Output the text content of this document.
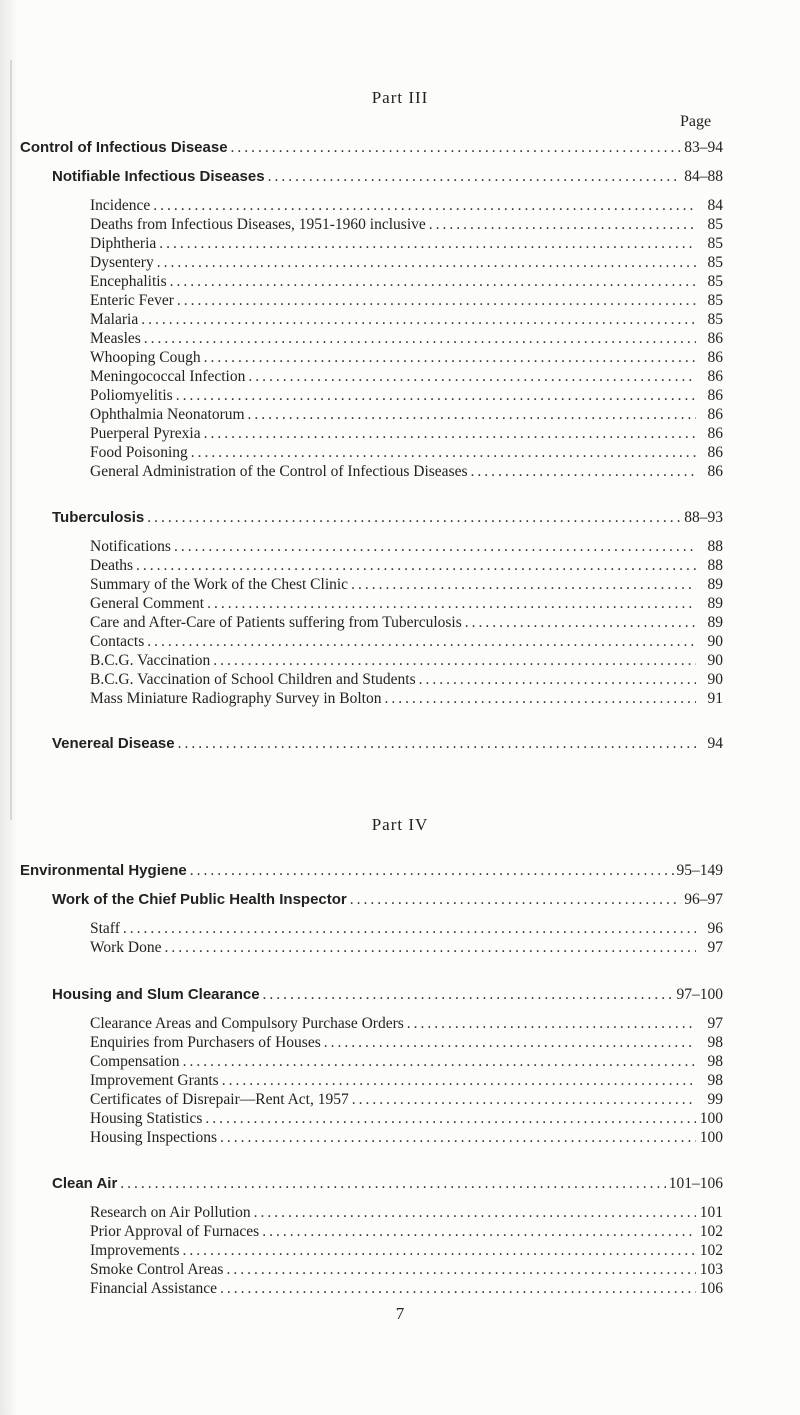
Part III
Page
Control of Infectious Disease .....	83–94
Notifiable Infectious Diseases .....	84–88
Incidence .....	84
Deaths from Infectious Diseases, 1951-1960 inclusive .....	85
Diphtheria .....	85
Dysentery .....	85
Encephalitis .....	85
Enteric Fever .....	85
Malaria .....	85
Measles .....	86
Whooping Cough .....	86
Meningococcal Infection .....	86
Poliomyelitis .....	86
Ophthalmia Neonatorum .....	86
Puerperal Pyrexia .....	86
Food Poisoning .....	86
General Administration of the Control of Infectious Diseases .....	86
Tuberculosis .....	88–93
Notifications .....	88
Deaths .....	88
Summary of the Work of the Chest Clinic .....	89
General Comment .....	89
Care and After-Care of Patients suffering from Tuberculosis .....	89
Contacts .....	90
B.C.G. Vaccination .....	90
B.C.G. Vaccination of School Children and Students .....	90
Mass Miniature Radiography Survey in Bolton .....	91
Venereal Disease .....	94
Part IV
Environmental Hygiene .....	95–149
Work of the Chief Public Health Inspector .....	96–97
Staff .....	96
Work Done .....	97
Housing and Slum Clearance .....	97–100
Clearance Areas and Compulsory Purchase Orders .....	97
Enquiries from Purchasers of Houses .....	98
Compensation .....	98
Improvement Grants .....	98
Certificates of Disrepair—Rent Act, 1957 .....	99
Housing Statistics .....	100
Housing Inspections .....	100
Clean Air .....	101–106
Research on Air Pollution .....	101
Prior Approval of Furnaces .....	102
Improvements .....	102
Smoke Control Areas .....	103
Financial Assistance .....	106
7
